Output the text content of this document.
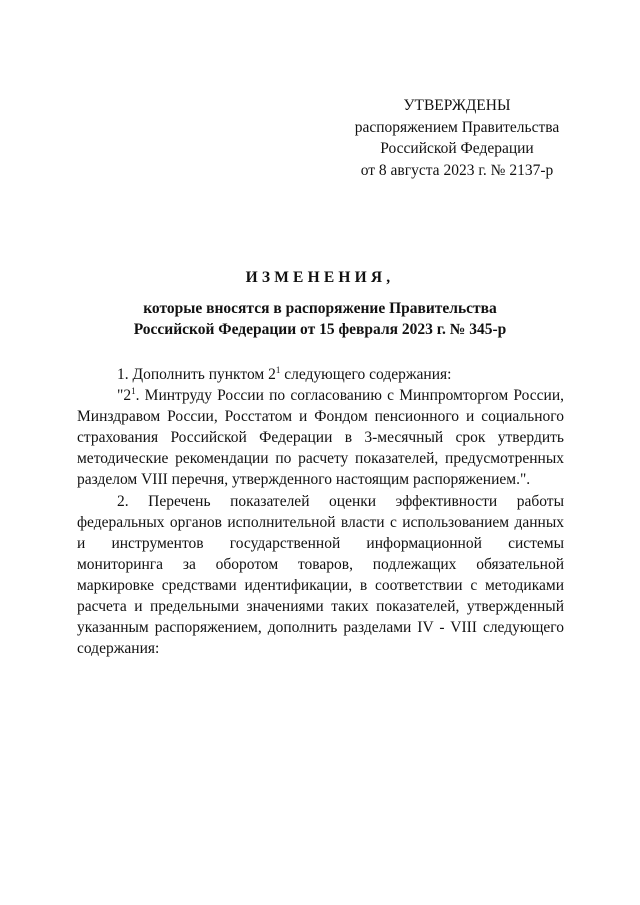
УТВЕРЖДЕНЫ
распоряжением Правительства
Российской Федерации
от 8 августа 2023 г. № 2137-р
ИЗМЕНЕНИЯ,
которые вносятся в распоряжение Правительства
Российской Федерации от 15 февраля 2023 г. № 345-р

1. Дополнить пунктом $2^1$ следующего содержания:

"$2^1$. Минтруду России по согласованию с Минпромторгом России, Минздравом России, Росстатом и Фондом пенсионного и социального страхования Российской Федерации в 3-месячный срок утвердить методические рекомендации по расчету показателей, предусмотренных разделом VIII перечня, утвержденного настоящим распоряжением.".

2. Перечень показателей оценки эффективности работы федеральных органов исполнительной власти с использованием данных и инструментов государственной информационной системы мониторинга за оборотом товаров, подлежащих обязательной маркировке средствами идентификации, в соответствии с методиками расчета и предельными значениями таких показателей, утвержденный указанным распоряжением, дополнить разделами IV - VIII следующего содержания:
